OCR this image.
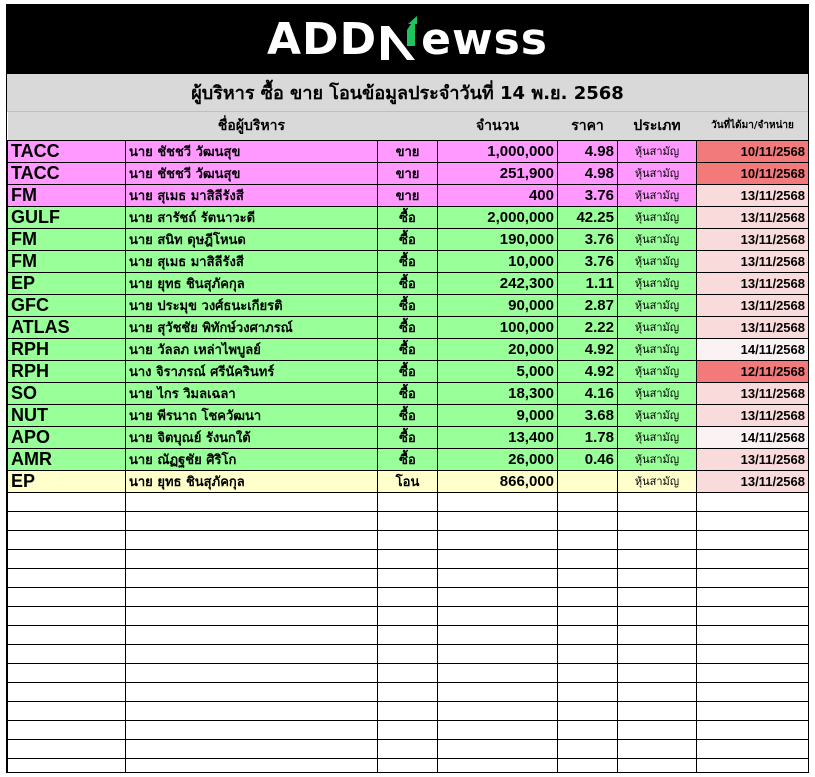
ADD ewss
ผู้บริหาร ซื้อ ขาย โอนข้อมูลประจำวันที่ 14 พ.ย. 2568
	ชื่อผู้บริหาร		จำนวน	ราคา	ประเภท	วันที่ได้มา/จำหน่าย
TACC	นาย ชัชชวี วัฒนสุข	ขาย	1,000,000	4.98	หุ้นสามัญ	10/11/2568
TACC	นาย ชัชชวี วัฒนสุข	ขาย	251,900	4.98	หุ้นสามัญ	10/11/2568
FM	นาย สุเมธ มาสิลีรังสี	ขาย	400	3.76	หุ้นสามัญ	13/11/2568
GULF	นาย สารัชถ์ รัตนาวะดี	ซื้อ	2,000,000	42.25	หุ้นสามัญ	13/11/2568
FM	นาย สนิท ดุษฎีโหนด	ซื้อ	190,000	3.76	หุ้นสามัญ	13/11/2568
FM	นาย สุเมธ มาสิลีรังสี	ซื้อ	10,000	3.76	หุ้นสามัญ	13/11/2568
EP	นาย ยุทธ ชินสุภัคกุล	ซื้อ	242,300	1.11	หุ้นสามัญ	13/11/2568
GFC	นาย ประมุข วงศ์ธนะเกียรติ	ซื้อ	90,000	2.87	หุ้นสามัญ	13/11/2568
ATLAS	นาย สุวัชชัย พิทักษ์วงศาภรณ์	ซื้อ	100,000	2.22	หุ้นสามัญ	13/11/2568
RPH	นาย วัลลภ เหล่าไพบูลย์	ซื้อ	20,000	4.92	หุ้นสามัญ	14/11/2568
RPH	นาง จิราภรณ์ ศรีนัครินทร์	ซื้อ	5,000	4.92	หุ้นสามัญ	12/11/2568
SO	นาย ไกร วิมลเฉลา	ซื้อ	18,300	4.16	หุ้นสามัญ	13/11/2568
NUT	นาย พีรนาถ โชควัฒนา	ซื้อ	9,000	3.68	หุ้นสามัญ	13/11/2568
APO	นาย จิตบุณย์ รังนกใต้	ซื้อ	13,400	1.78	หุ้นสามัญ	14/11/2568
AMR	นาย ณัฏฐชัย ศิริโก	ซื้อ	26,000	0.46	หุ้นสามัญ	13/11/2568
EP	นาย ยุทธ ชินสุภัคกุล	โอน	866,000		หุ้นสามัญ	13/11/2568
